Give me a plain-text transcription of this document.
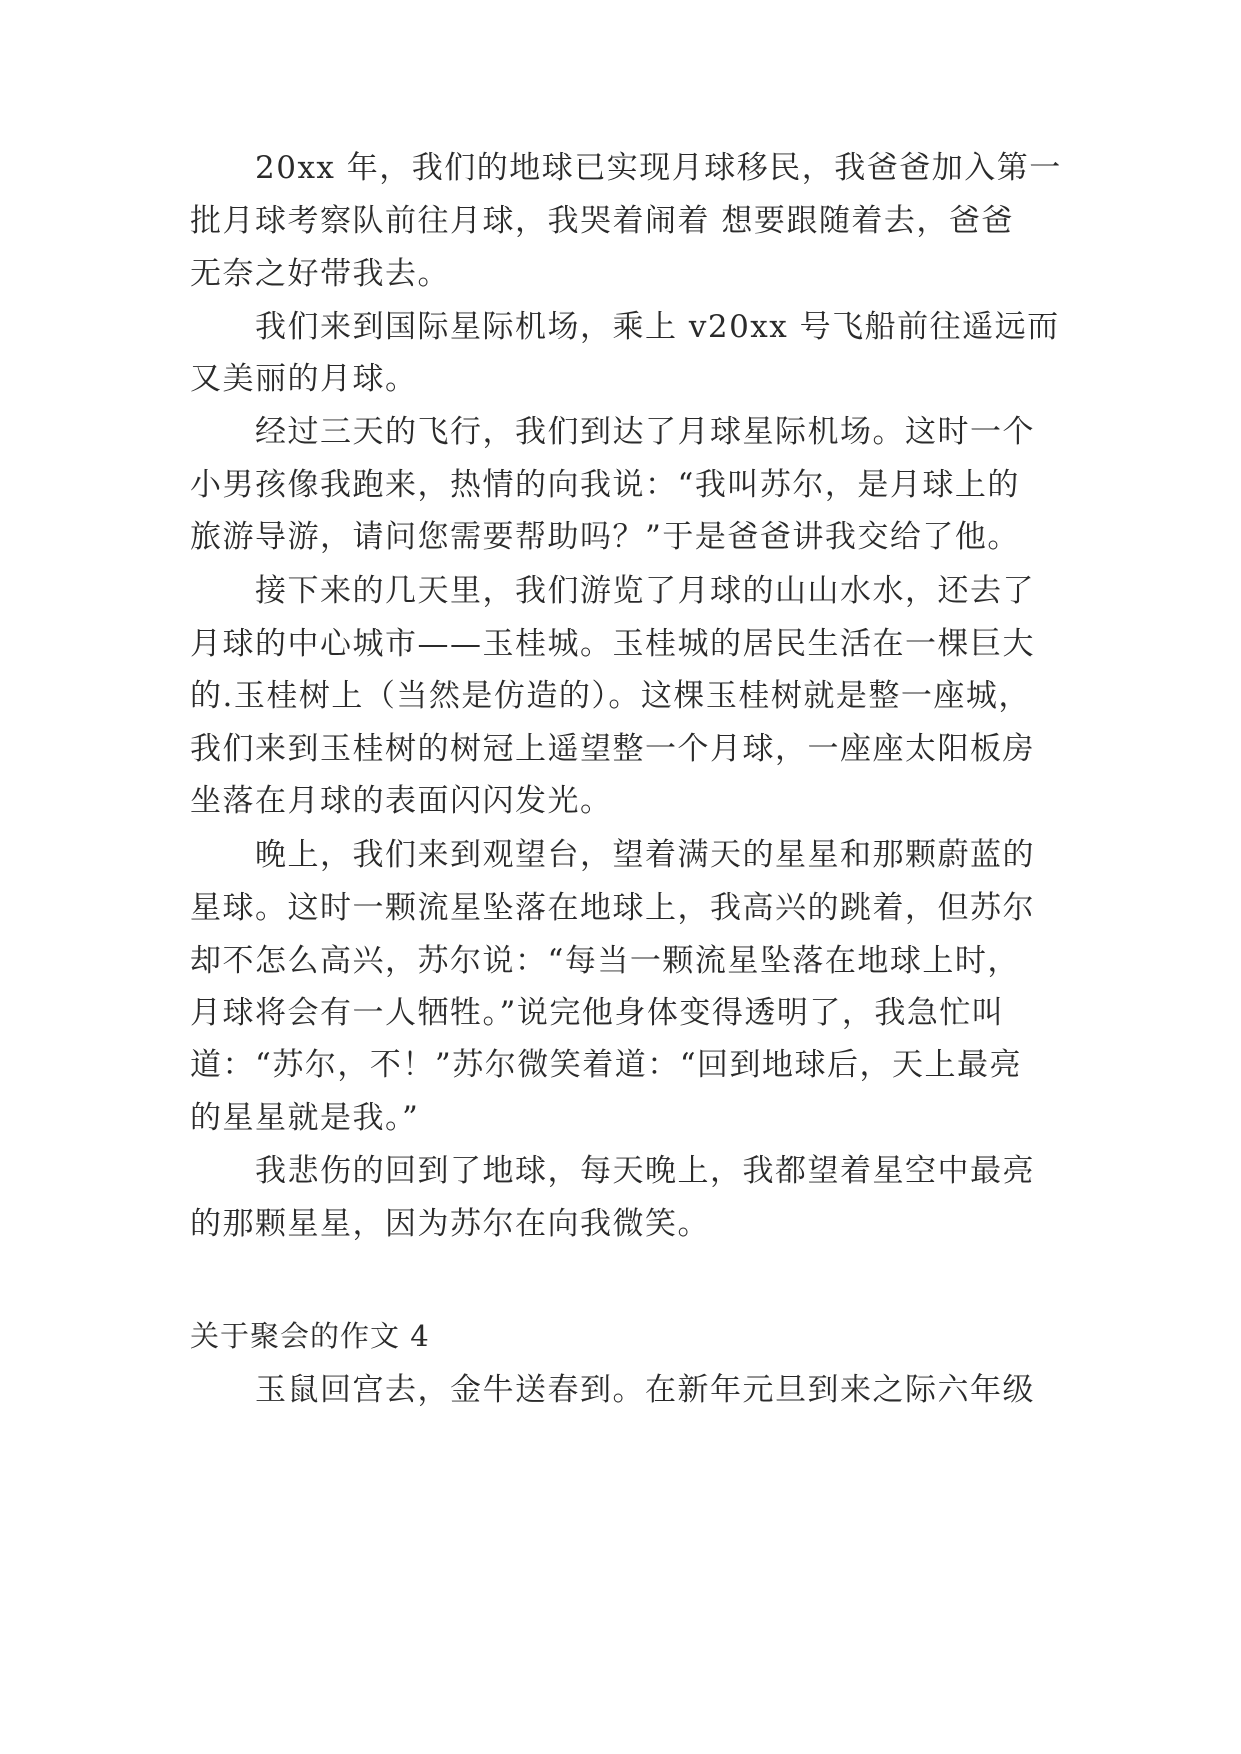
20xx 年，我们的地球已实现月球移民，我爸爸加入第一
批月球考察队前往月球，我哭着闹着 想要跟随着去，爸爸
无奈之好带我去。
我们来到国际星际机场，乘上 v20xx 号飞船前往遥远而
又美丽的月球。
经过三天的飞行，我们到达了月球星际机场。这时一个
小男孩像我跑来，热情的向我说：“我叫苏尔，是月球上的
旅游导游，请问您需要帮助吗？”于是爸爸讲我交给了他。
接下来的几天里，我们游览了月球的山山水水，还去了
月球的中心城市——玉桂城。玉桂城的居民生活在一棵巨大
的.玉桂树上（当然是仿造的）。这棵玉桂树就是整一座城，
我们来到玉桂树的树冠上遥望整一个月球，一座座太阳板房
坐落在月球的表面闪闪发光。
晚上，我们来到观望台，望着满天的星星和那颗蔚蓝的
星球。这时一颗流星坠落在地球上，我高兴的跳着，但苏尔
却不怎么高兴，苏尔说：“每当一颗流星坠落在地球上时，
月球将会有一人牺牲。”说完他身体变得透明了，我急忙叫
道：“苏尔，不！”苏尔微笑着道：“回到地球后，天上最亮
的星星就是我。”
我悲伤的回到了地球，每天晚上，我都望着星空中最亮
的那颗星星，因为苏尔在向我微笑。
关于聚会的作文 4
玉鼠回宫去，金牛送春到。在新年元旦到来之际六年级
